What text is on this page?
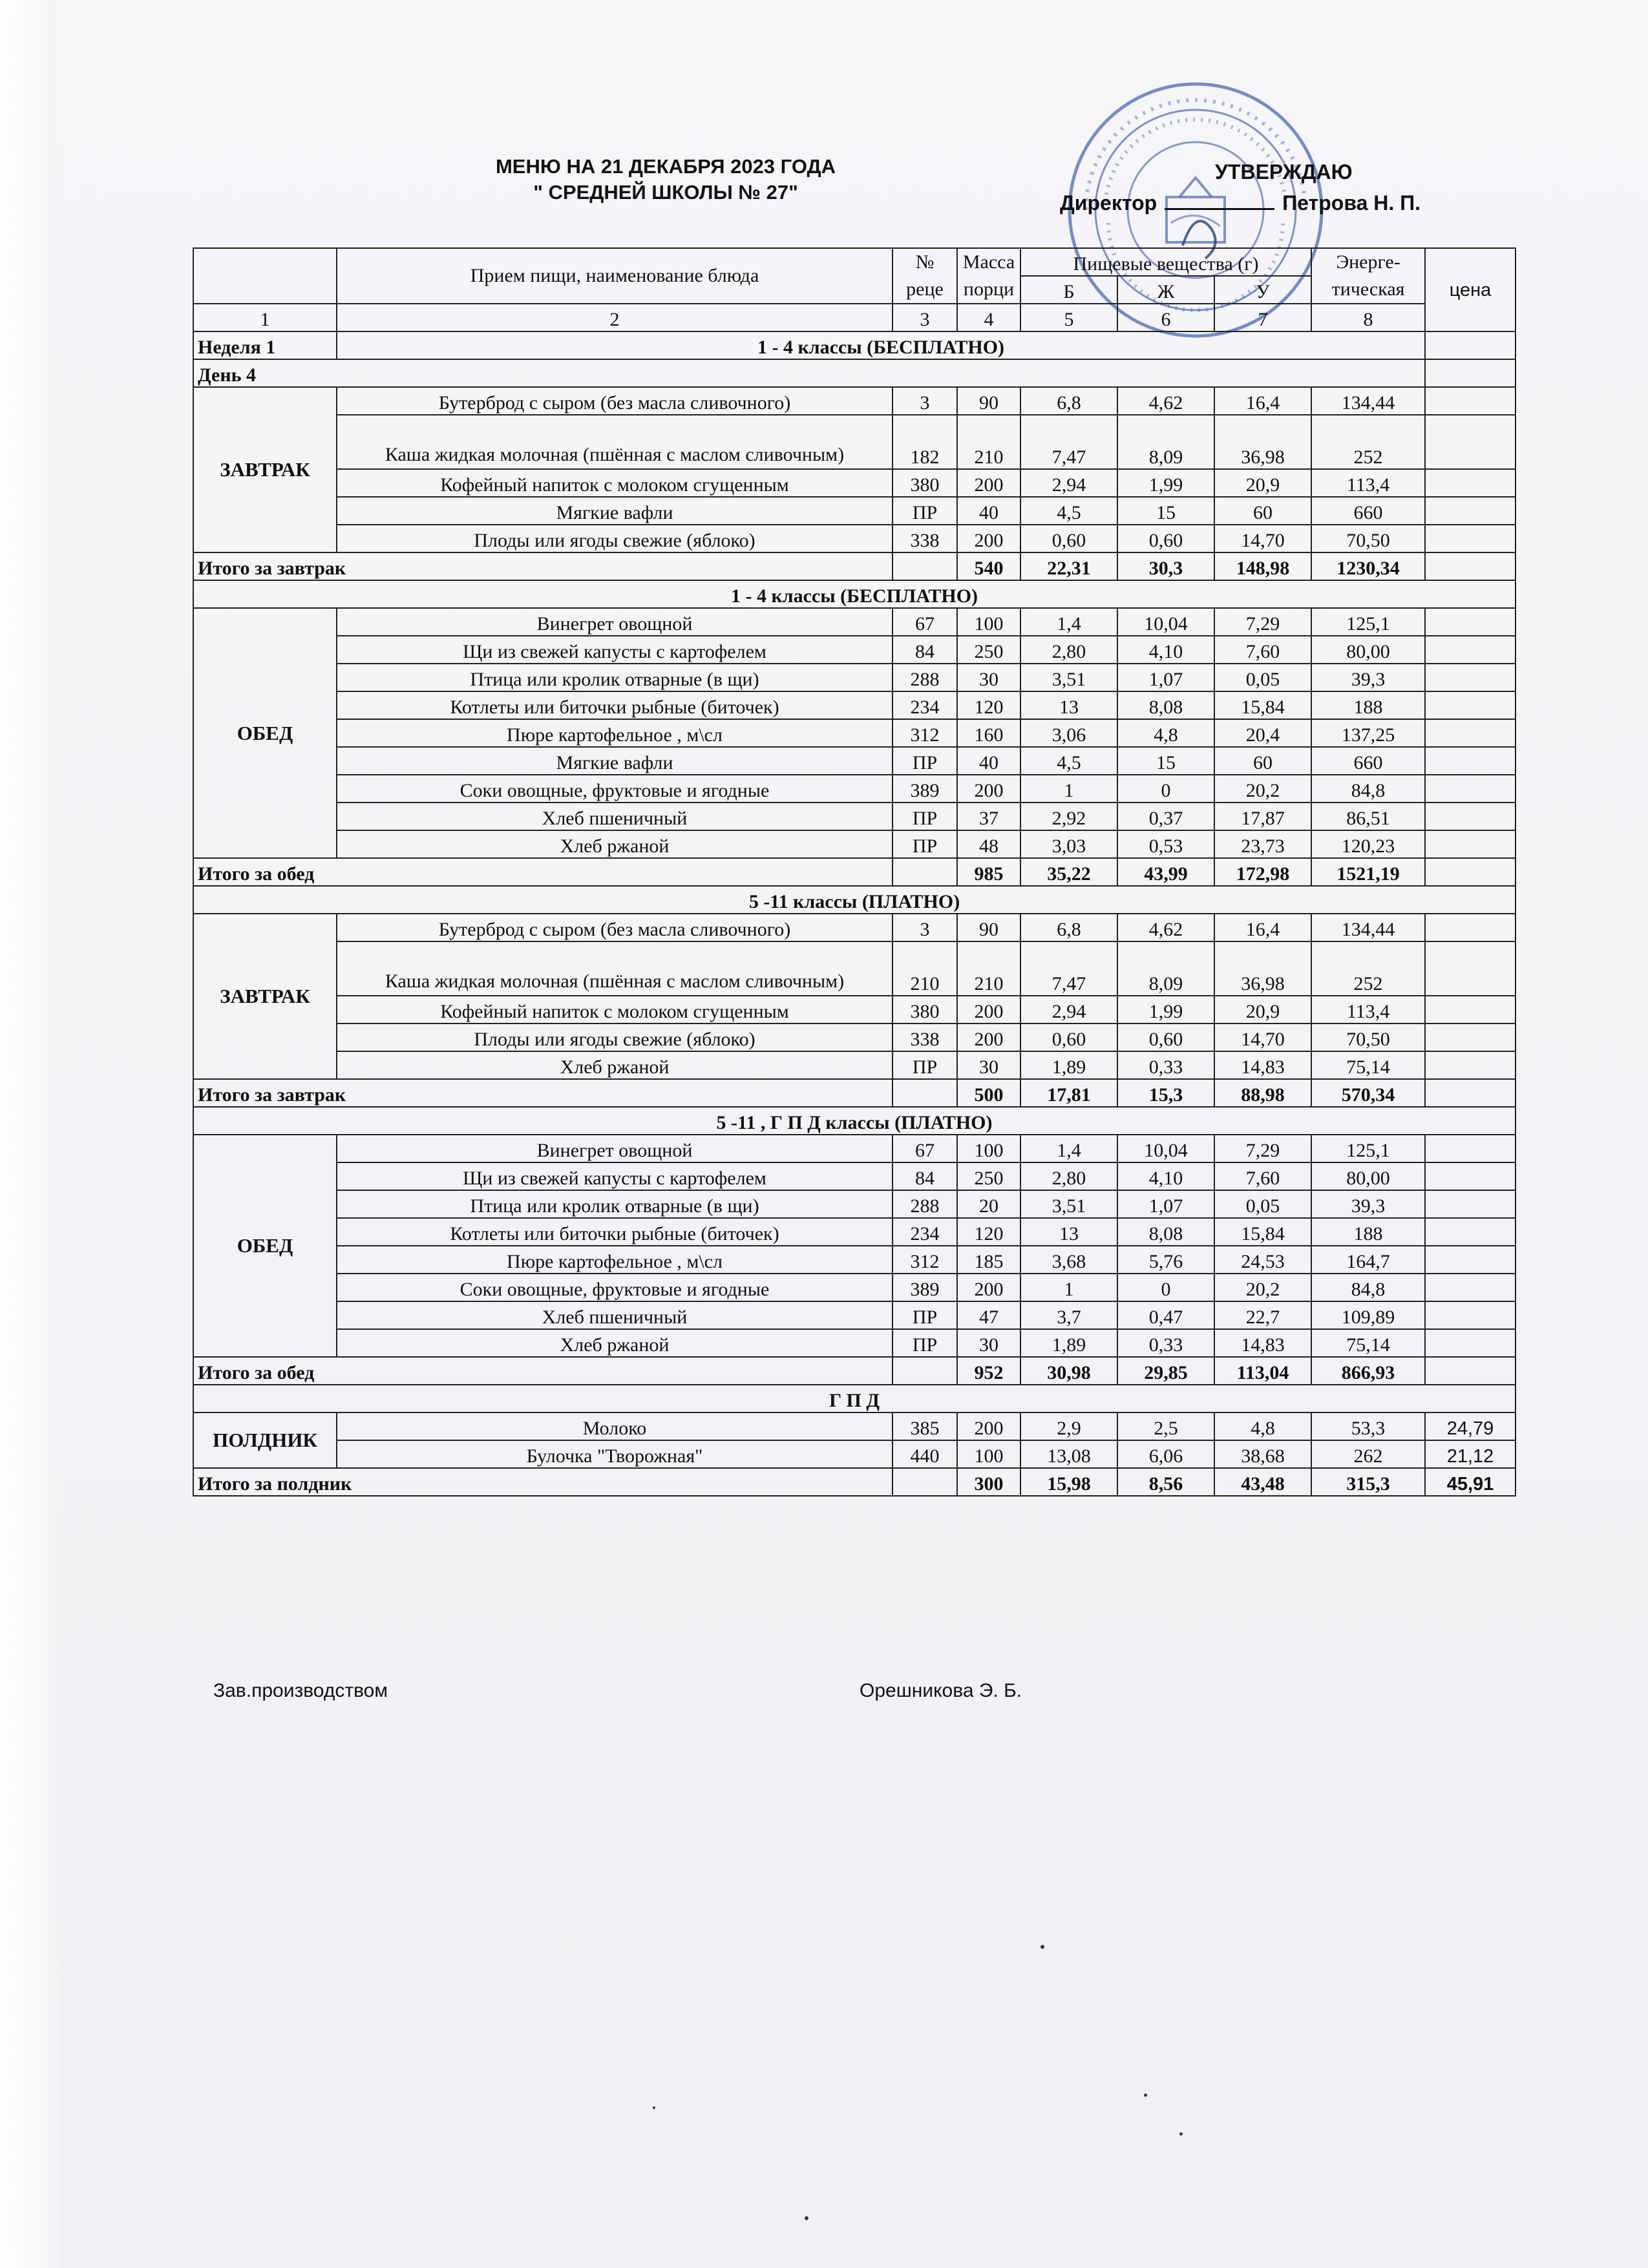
МЕНЮ НА 21 ДЕКАБРЯ 2023 ГОДА
" СРЕДНЕЙ ШКОЛЫ № 27"
УТВЕРЖДАЮ
Директор	Петрова Н. П.
	Прием пищи, наименование блюда	№ реце	Масса порци	Пищевые вещества (г)			Энерге-тическая	цена
				Б	Ж	У		
1	2	3	4	5	6	7	8	
Неделя 1	1 - 4 классы (БЕСПЛАТНО)							
День 4								
ЗАВТРАК	Бутерброд с сыром (без масла сливочного)	3	90	6,8	4,62	16,4	134,44	
	Каша жидкая молочная (пшённая с маслом сливочным)	182	210	7,47	8,09	36,98	252	
	Кофейный напиток с молоком сгущенным	380	200	2,94	1,99	20,9	113,4	
	Мягкие вафли	ПР	40	4,5	15	60	660	
	Плоды или ягоды свежие (яблоко)	338	200	0,60	0,60	14,70	70,50	
Итого за завтрак			540	22,31	30,3	148,98	1230,34	
1 - 4 классы (БЕСПЛАТНО)								
ОБЕД	Винегрет овощной	67	100	1,4	10,04	7,29	125,1	
	Щи из свежей капусты с картофелем	84	250	2,80	4,10	7,60	80,00	
	Птица или кролик отварные (в щи)	288	30	3,51	1,07	0,05	39,3	
	Котлеты или биточки рыбные (биточек)	234	120	13	8,08	15,84	188	
	Пюре картофельное , м\сл	312	160	3,06	4,8	20,4	137,25	
	Мягкие вафли	ПР	40	4,5	15	60	660	
	Соки овощные, фруктовые и ягодные	389	200	1	0	20,2	84,8	
	Хлеб пшеничный	ПР	37	2,92	0,37	17,87	86,51	
	Хлеб ржаной	ПР	48	3,03	0,53	23,73	120,23	
Итого за обед			985	35,22	43,99	172,98	1521,19	
5 -11 классы (ПЛАТНО)								
ЗАВТРАК	Бутерброд с сыром (без масла сливочного)	3	90	6,8	4,62	16,4	134,44	
	Каша жидкая молочная (пшённая с маслом сливочным)	210	210	7,47	8,09	36,98	252	
	Кофейный напиток с молоком сгущенным	380	200	2,94	1,99	20,9	113,4	
	Плоды или ягоды свежие (яблоко)	338	200	0,60	0,60	14,70	70,50	
	Хлеб ржаной	ПР	30	1,89	0,33	14,83	75,14	
Итого за завтрак			500	17,81	15,3	88,98	570,34	
5 -11 , Г П Д классы (ПЛАТНО)								
ОБЕД	Винегрет овощной	67	100	1,4	10,04	7,29	125,1	
	Щи из свежей капусты с картофелем	84	250	2,80	4,10	7,60	80,00	
	Птица или кролик отварные (в щи)	288	20	3,51	1,07	0,05	39,3	
	Котлеты или биточки рыбные (биточек)	234	120	13	8,08	15,84	188	
	Пюре картофельное , м\сл	312	185	3,68	5,76	24,53	164,7	
	Соки овощные, фруктовые и ягодные	389	200	1	0	20,2	84,8	
	Хлеб пшеничный	ПР	47	3,7	0,47	22,7	109,89	
	Хлеб ржаной	ПР	30	1,89	0,33	14,83	75,14	
Итого за обед			952	30,98	29,85	113,04	866,93	
Г П Д								
ПОЛДНИК	Молоко	385	200	2,9	2,5	4,8	53,3	24,79
	Булочка "Творожная"	440	100	13,08	6,06	38,68	262	21,12
Итого за полдник			300	15,98	8,56	43,48	315,3	45,91
Зав.производством	Орешникова Э. Б.
